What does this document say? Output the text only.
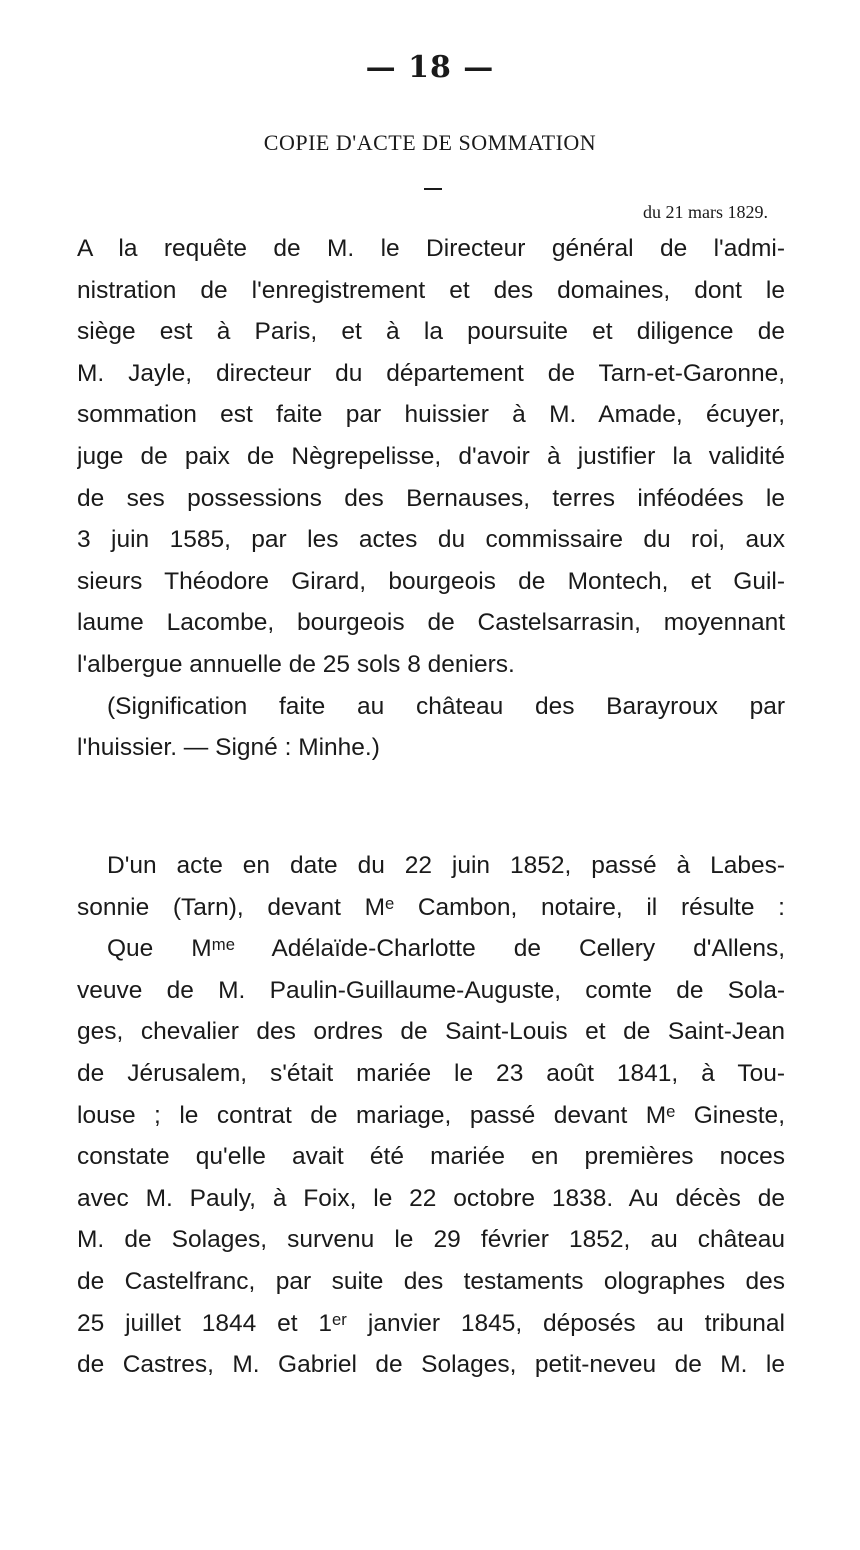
— 18 —
COPIE D'ACTE DE SOMMATION
du 21 mars 1829.
A la requête de M. le Directeur général de l'admi-
nistration de l'enregistrement et des domaines, dont le
siège est à Paris, et à la poursuite et diligence de
M. Jayle, directeur du département de Tarn-et-Garonne,
sommation est faite par huissier à M. Amade, écuyer,
juge de paix de Nègrepelisse, d'avoir à justifier la validité
de ses possessions des Bernauses, terres inféodées le
3 juin 1585, par les actes du commissaire du roi, aux
sieurs Théodore Girard, bourgeois de Montech, et Guil-
laume Lacombe, bourgeois de Castelsarrasin, moyennant
l'albergue annuelle de 25 sols 8 deniers.
(Signification faite au château des Barayroux par
l'huissier. — Signé : Minhe.)
D'un acte en date du 22 juin 1852, passé à Labes-
sonnie (Tarn), devant Mᵉ Cambon, notaire, il résulte :
Que Mᵐᵉ Adélaïde-Charlotte de Cellery d'Allens,
veuve de M. Paulin-Guillaume-Auguste, comte de Sola-
ges, chevalier des ordres de Saint-Louis et de Saint-Jean
de Jérusalem, s'était mariée le 23 août 1841, à Tou-
louse ; le contrat de mariage, passé devant Mᵉ Gineste,
constate qu'elle avait été mariée en premières noces
avec M. Pauly, à Foix, le 22 octobre 1838. Au décès de
M. de Solages, survenu le 29 février 1852, au château
de Castelfranc, par suite des testaments olographes des
25 juillet 1844 et 1ᵉʳ janvier 1845, déposés au tribunal
de Castres, M. Gabriel de Solages, petit-neveu de M. le
